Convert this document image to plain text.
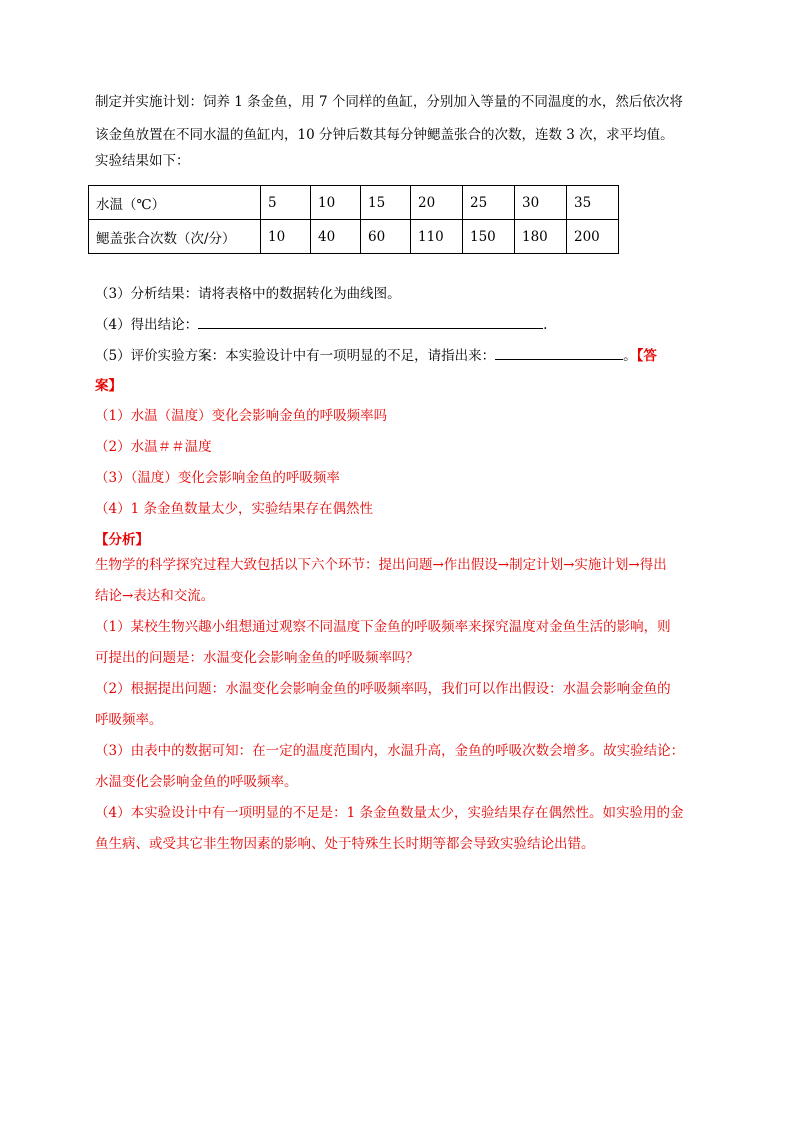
制定并实施计划：饲养 1 条金鱼，用 7 个同样的鱼缸，分别加入等量的不同温度的水，然后依次将
该金鱼放置在不同水温的鱼缸内，10 分钟后数其每分钟鳃盖张合的次数，连数 3 次，求平均值。
实验结果如下：
水温（℃）	5	10	15	20	25	30	35
鳃盖张合次数（次/分）	10	40	60	110	150	180	200
（3）分析结果：请将表格中的数据转化为曲线图。
（4）得出结论：	.
（5）评价实验方案：本实验设计中有一项明显的不足，请指出来：	。【答
案】
（1）水温（温度）变化会影响金鱼的呼吸频率吗
（2）水温＃＃温度
（3）（温度）变化会影响金鱼的呼吸频率
（4）1 条金鱼数量太少，实验结果存在偶然性
【分析】
生物学的科学探究过程大致包括以下六个环节：提出问题→作出假设→制定计划→实施计划→得出
结论→表达和交流。
（1）某校生物兴趣小组想通过观察不同温度下金鱼的呼吸频率来探究温度对金鱼生活的影响，则
可提出的问题是：水温变化会影响金鱼的呼吸频率吗？
（2）根据提出问题：水温变化会影响金鱼的呼吸频率吗，我们可以作出假设：水温会影响金鱼的
呼吸频率。
（3）由表中的数据可知：在一定的温度范围内，水温升高，金鱼的呼吸次数会增多。故实验结论：
水温变化会影响金鱼的呼吸频率。
（4）本实验设计中有一项明显的不足是：1 条金鱼数量太少，实验结果存在偶然性。如实验用的金
鱼生病、或受其它非生物因素的影响、处于特殊生长时期等都会导致实验结论出错。
